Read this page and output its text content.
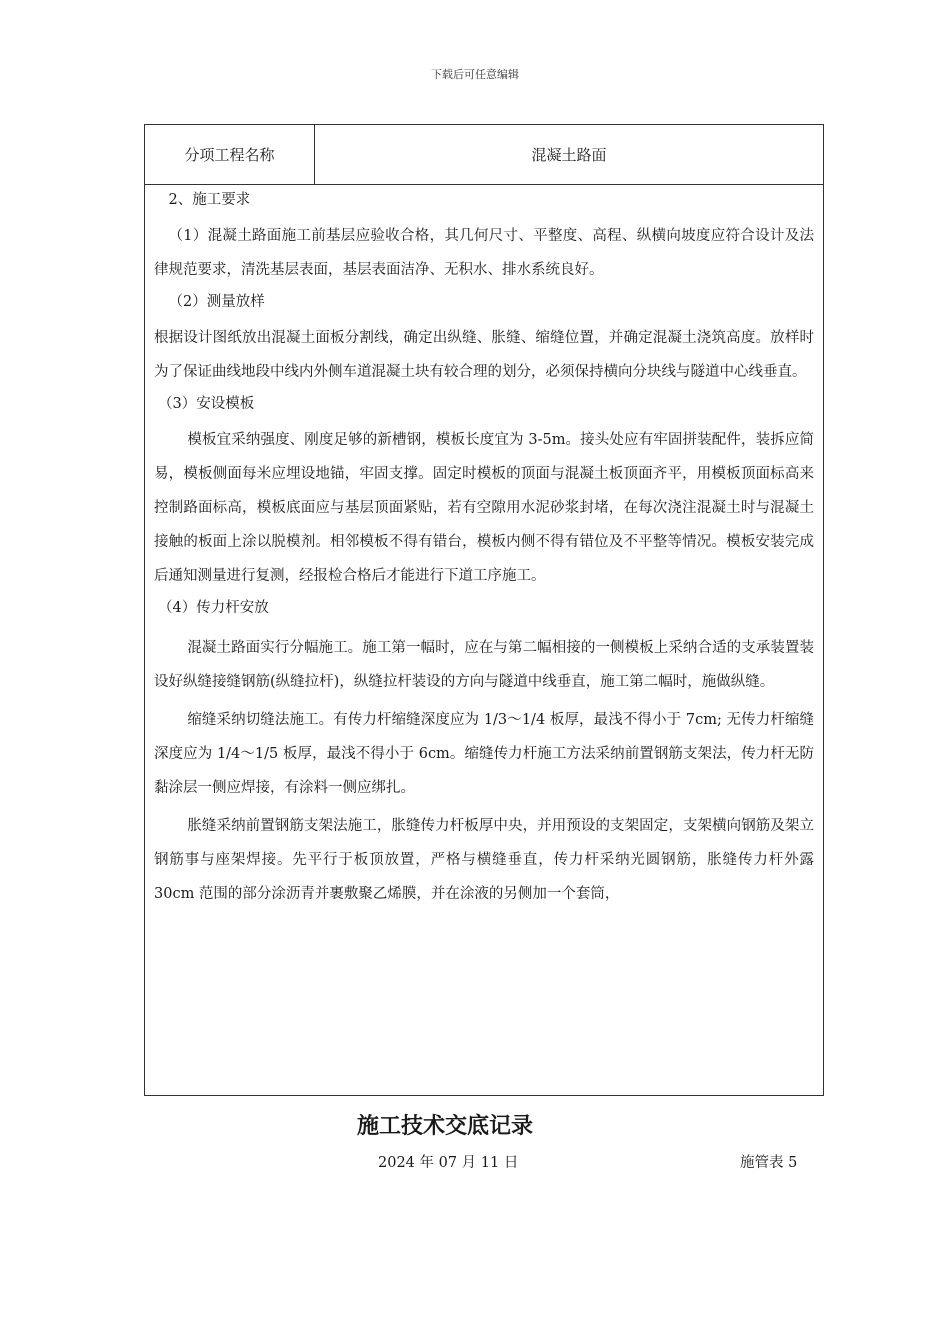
下载后可任意编辑
分项工程名称	混凝土路面

2、施工要求

（1）混凝土路面施工前基层应验收合格，其几何尺寸、平整度、高程、纵横向坡度应符合设计及法律规范要求，清洗基层表面，基层表面洁净、无积水、排水系统良好。

（2）测量放样

根据设计图纸放出混凝土面板分割线，确定出纵缝、胀缝、缩缝位置，并确定混凝土浇筑高度。放样时为了保证曲线地段中线内外侧车道混凝土块有较合理的划分，必须保持横向分块线与隧道中心线垂直。

（3）安设模板

模板宜采纳强度、刚度足够的新槽钢，模板长度宜为 3-5m。接头处应有牢固拼装配件，装拆应简易，模板侧面每米应埋设地锚，牢固支撑。固定时模板的顶面与混凝土板顶面齐平，用模板顶面标高来控制路面标高，模板底面应与基层顶面紧贴，若有空隙用水泥砂浆封堵，在每次浇注混凝土时与混凝土接触的板面上涂以脱模剂。相邻模板不得有错台，模板内侧不得有错位及不平整等情况。模板安装完成后通知测量进行复测，经报检合格后才能进行下道工序施工。

（4）传力杆安放

混凝土路面实行分幅施工。施工第一幅时，应在与第二幅相接的一侧模板上采纳合适的支承装置装设好纵缝接缝钢筋(纵缝拉杆)，纵缝拉杆装设的方向与隧道中线垂直，施工第二幅时，施做纵缝。

缩缝采纳切缝法施工。有传力杆缩缝深度应为 1/3～1/4 板厚，最浅不得小于 7cm; 无传力杆缩缝深度应为 1/4～1/5 板厚，最浅不得小于 6cm。缩缝传力杆施工方法采纳前置钢筋支架法，传力杆无防黏涂层一侧应焊接，有涂料一侧应绑扎。

胀缝采纳前置钢筋支架法施工，胀缝传力杆板厚中央，并用预设的支架固定，支架横向钢筋及架立钢筋事与座架焊接。先平行于板顶放置，严格与横缝垂直，传力杆采纳光圆钢筋，胀缝传力杆外露 30cm 范围的部分涂沥青并裹敷聚乙烯膜，并在涂液的另侧加一个套筒，

施工技术交底记录
2024 年 07 月 11 日	施管表 5
